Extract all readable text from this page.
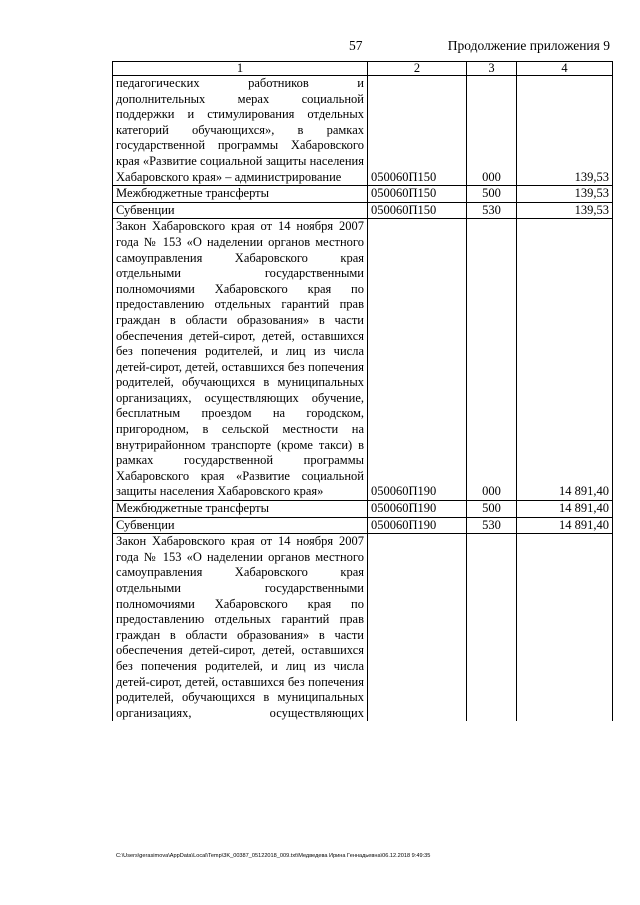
57	Продолжение приложения 9
1	2	3	4
педагогических работников и дополнительных мерах социальной поддержки и стимулирования отдельных категорий обучающихся», в рамках государственной программы Хабаровского края «Развитие социальной защиты населения Хабаровского края» – администрирование	050060П150	000	139,53
Межбюджетные трансферты	050060П150	500	139,53
Субвенции	050060П150	530	139,53
Закон Хабаровского края от 14 ноября 2007 года № 153 «О наделении органов местного самоуправления Хабаровского края отдельными государственными полномочиями Хабаровского края по предоставлению отдельных гарантий прав граждан в области образования» в части обеспечения детей-сирот, детей, оставшихся без попечения родителей, и лиц из числа детей-сирот, детей, оставшихся без попечения родителей, обучающихся в муниципальных организациях, осуществляющих обучение, бесплатным проездом на городском, пригородном, в сельской местности на внутрирайонном транспорте (кроме такси) в рамках государственной программы Хабаровского края «Развитие социальной защиты населения Хабаровского края»	050060П190	000	14 891,40
Межбюджетные трансферты	050060П190	500	14 891,40
Субвенции	050060П190	530	14 891,40
Закон Хабаровского края от 14 ноября 2007 года № 153 «О наделении органов местного самоуправления Хабаровского края отдельными государственными полномочиями Хабаровского края по предоставлению отдельных гарантий прав граждан в области образования» в части обеспечения детей-сирот, детей, оставшихся без попечения родителей, и лиц из числа детей-сирот, детей, оставшихся без попечения родителей, обучающихся в муниципальных организациях, осуществляющих			
C:\Users\gerasimova\AppData\Local\Temp\3K_00387_05122018_009.txt\Медведева Ирина Геннадьевна\06.12.2018 9:49:35
